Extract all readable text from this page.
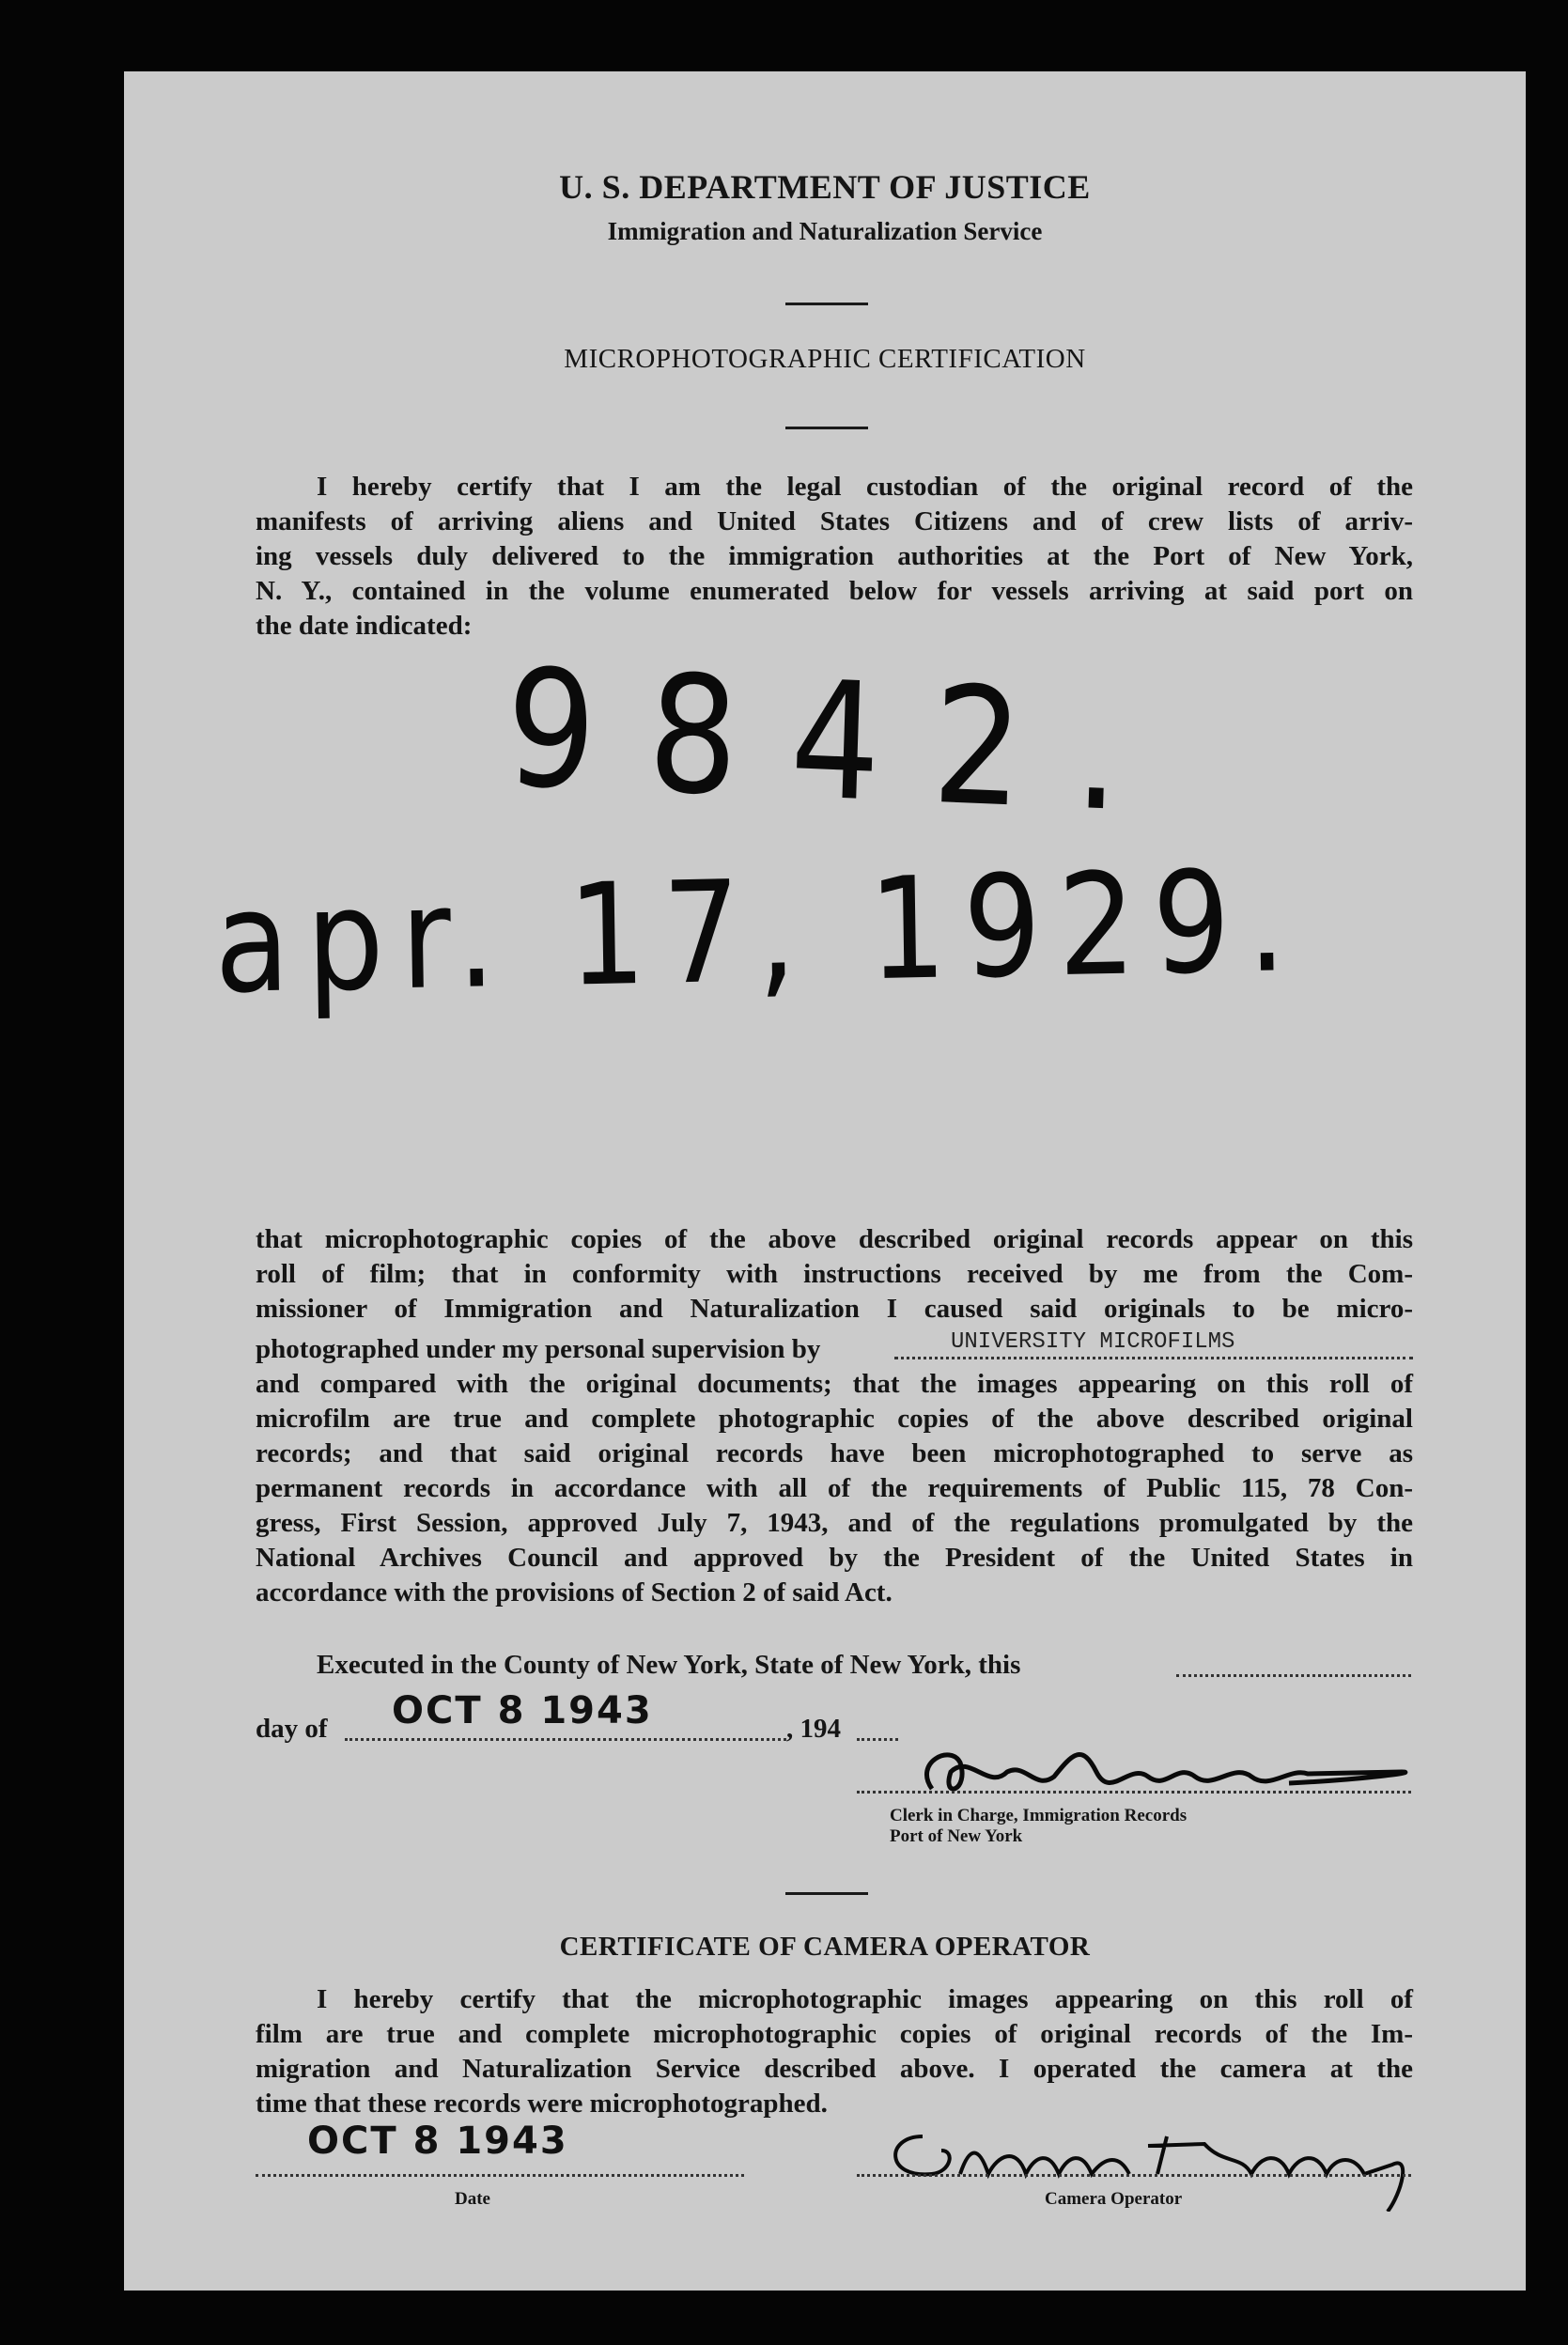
U. S. DEPARTMENT OF JUSTICE
Immigration and Naturalization Service
MICROPHOTOGRAPHIC CERTIFICATION
I hereby certify that I am the legal custodian of the original record of the
manifests of arriving aliens and United States Citizens and of crew lists of arriv-
ing vessels duly delivered to the immigration authorities at the Port of New York,
N. Y., contained in the volume enumerated below for vessels arriving at said port on
the date indicated:
9842.
apr. 17, 1929.
that microphotographic copies of the above described original records appear on this
roll of film; that in conformity with instructions received by me from the Com-
missioner of Immigration and Naturalization I caused said originals to be micro-
photographed under my personal supervision by	UNIVERSITY MICROFILMS
and compared with the original documents; that the images appearing on this roll of
microfilm are true and complete photographic copies of the above described original
records; and that said original records have been microphotographed to serve as
permanent records in accordance with all of the requirements of Public 115, 78 Con-
gress, First Session, approved July 7, 1943, and of the regulations promulgated by the
National Archives Council and approved by the President of the United States in
accordance with the provisions of Section 2 of said Act.
Executed in the County of New York, State of New York, this
day of OCT 8 1943	, 194
Clerk in Charge, Immigration Records
Port of New York
CERTIFICATE OF CAMERA OPERATOR
I hereby certify that the microphotographic images appearing on this roll of
film are true and complete microphotographic copies of original records of the Im-
migration and Naturalization Service described above. I operated the camera at the
time that these records were microphotographed.
OCT 8 1943
Date	Camera Operator
